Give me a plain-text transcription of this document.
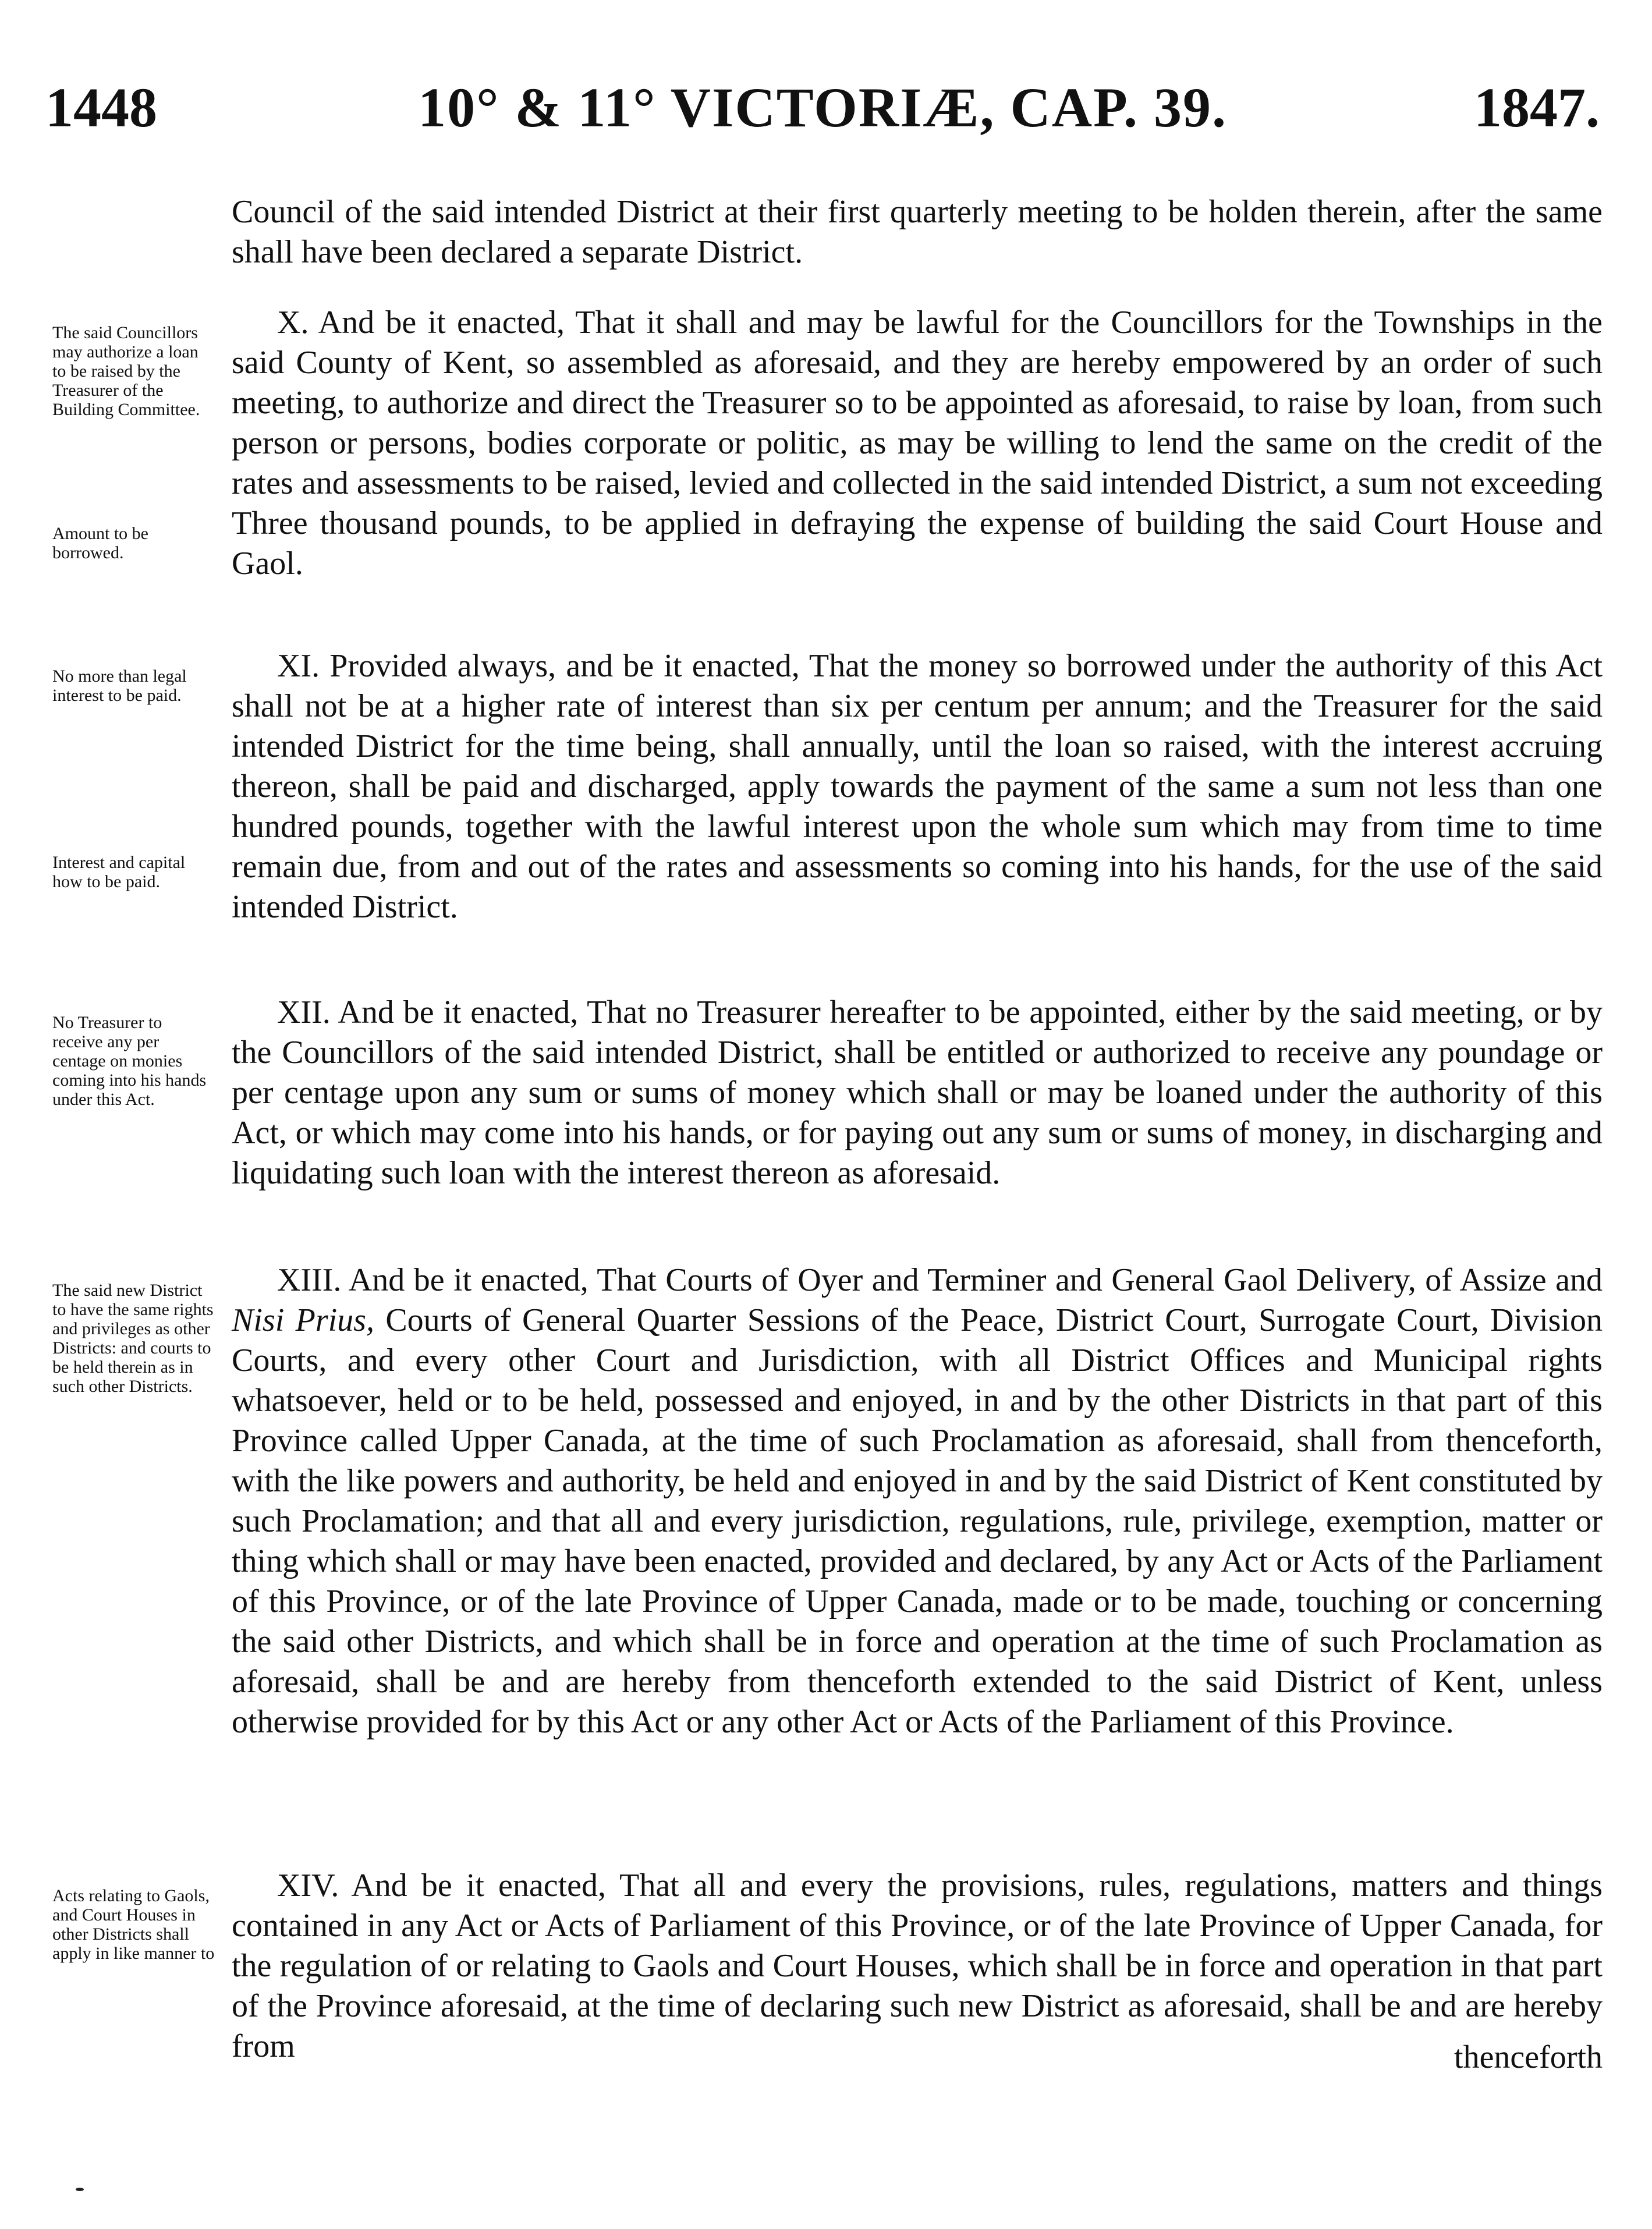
1448	10° & 11° VICTORIÆ, CAP. 39.	1847.
Council of the said intended District at their first quarterly meeting to be holden therein, after the same shall have been declared a separate District.
X. And be it enacted, That it shall and may be lawful for the Councillors for the Townships in the said County of Kent, so assembled as aforesaid, and they are hereby empowered by an order of such meeting, to authorize and direct the Treasurer so to be appointed as aforesaid, to raise by loan, from such person or persons, bodies corporate or politic, as may be willing to lend the same on the credit of the rates and assessments to be raised, levied and collected in the said intended District, a sum not exceeding Three thousand pounds, to be applied in defraying the expense of building the said Court House and Gaol.
The said Councillors may authorize a loan to be raised by the Treasurer of the Building Committee.
Amount to be borrowed.
XI. Provided always, and be it enacted, That the money so borrowed under the authority of this Act shall not be at a higher rate of interest than six per centum per annum; and the Treasurer for the said intended District for the time being, shall annually, until the loan so raised, with the interest accruing thereon, shall be paid and discharged, apply towards the payment of the same a sum not less than one hundred pounds, together with the lawful interest upon the whole sum which may from time to time remain due, from and out of the rates and assessments so coming into his hands, for the use of the said intended District.
No more than legal interest to be paid.
Interest and capital how to be paid.
XII. And be it enacted, That no Treasurer hereafter to be appointed, either by the said meeting, or by the Councillors of the said intended District, shall be entitled or authorized to receive any poundage or per centage upon any sum or sums of money which shall or may be loaned under the authority of this Act, or which may come into his hands, or for paying out any sum or sums of money, in discharging and liquidating such loan with the interest thereon as aforesaid.
No Treasurer to receive any per centage on monies coming into his hands under this Act.
XIII. And be it enacted, That Courts of Oyer and Terminer and General Gaol Delivery, of Assize and Nisi Prius, Courts of General Quarter Sessions of the Peace, District Court, Surrogate Court, Division Courts, and every other Court and Jurisdiction, with all District Offices and Municipal rights whatsoever, held or to be held, possessed and enjoyed, in and by the other Districts in that part of this Province called Upper Canada, at the time of such Proclamation as aforesaid, shall from thenceforth, with the like powers and authority, be held and enjoyed in and by the said District of Kent constituted by such Proclamation; and that all and every jurisdiction, regulations, rule, privilege, exemption, matter or thing which shall or may have been enacted, provided and declared, by any Act or Acts of the Parliament of this Province, or of the late Province of Upper Canada, made or to be made, touching or concerning the said other Districts, and which shall be in force and operation at the time of such Proclamation as aforesaid, shall be and are hereby from thenceforth extended to the said District of Kent, unless otherwise provided for by this Act or any other Act or Acts of the Parliament of this Province.
The said new District to have the same rights and privileges as other Districts: and courts to be held therein as in such other Districts.
XIV. And be it enacted, That all and every the provisions, rules, regulations, matters and things contained in any Act or Acts of Parliament of this Province, or of the late Province of Upper Canada, for the regulation of or relating to Gaols and Court Houses, which shall be in force and operation in that part of the Province aforesaid, at the time of declaring such new District as aforesaid, shall be and are hereby from
Acts relating to Gaols, and Court Houses in other Districts shall apply in like manner to
thenceforth
